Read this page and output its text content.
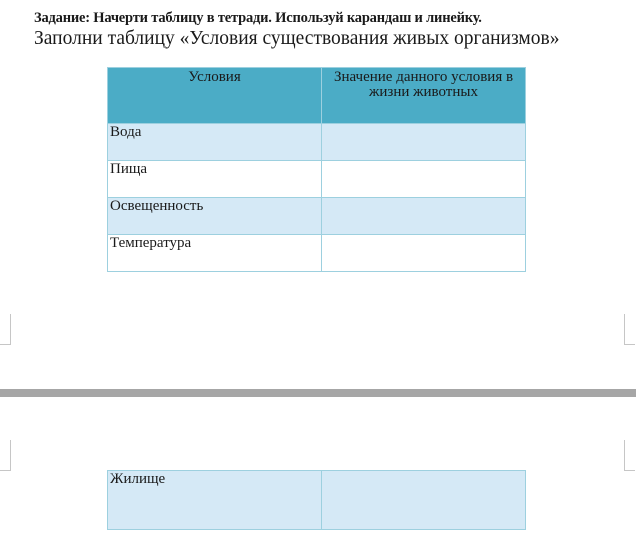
Задание: Начерти таблицу в тетради. Используй карандаш и линейку.
Заполни таблицу «Условия существования живых организмов»
Условия	Значение данного условия в жизни животных
Вода	
Пища	
Освещенность	
Температура	
Жилище	
